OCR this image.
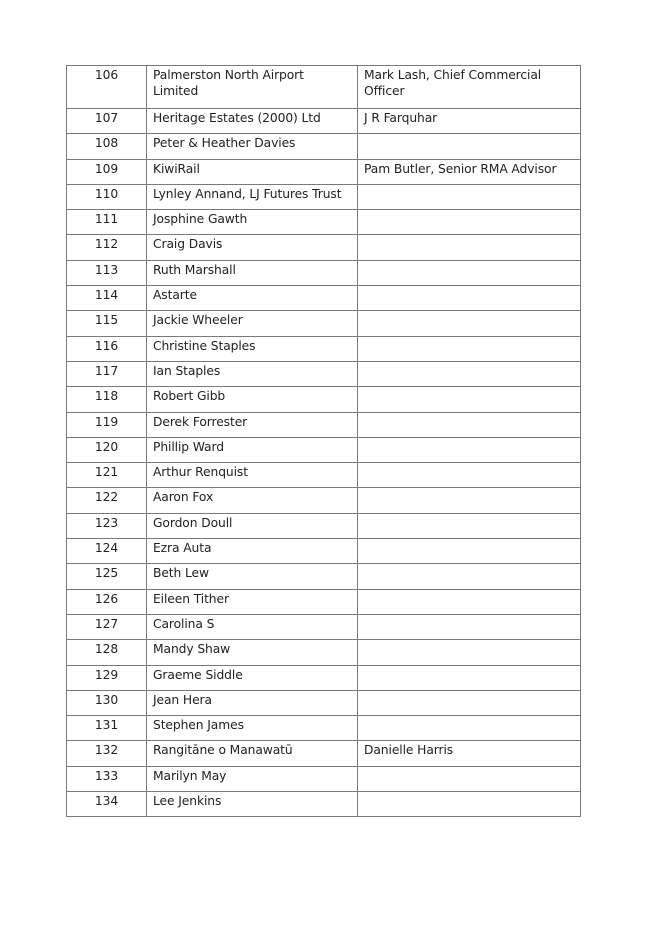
106	Palmerston North Airport Limited	Mark Lash, Chief Commercial Officer
107	Heritage Estates (2000) Ltd	J R Farquhar
108	Peter & Heather Davies	
109	KiwiRail	Pam Butler, Senior RMA Advisor
110	Lynley Annand, LJ Futures Trust	
111	Josphine Gawth	
112	Craig Davis	
113	Ruth Marshall	
114	Astarte	
115	Jackie Wheeler	
116	Christine Staples	
117	Ian Staples	
118	Robert Gibb	
119	Derek Forrester	
120	Phillip Ward	
121	Arthur Renquist	
122	Aaron Fox	
123	Gordon Doull	
124	Ezra Auta	
125	Beth Lew	
126	Eileen Tither	
127	Carolina S	
128	Mandy Shaw	
129	Graeme Siddle	
130	Jean Hera	
131	Stephen James	
132	Rangitāne o Manawatū	Danielle Harris
133	Marilyn May	
134	Lee Jenkins	
